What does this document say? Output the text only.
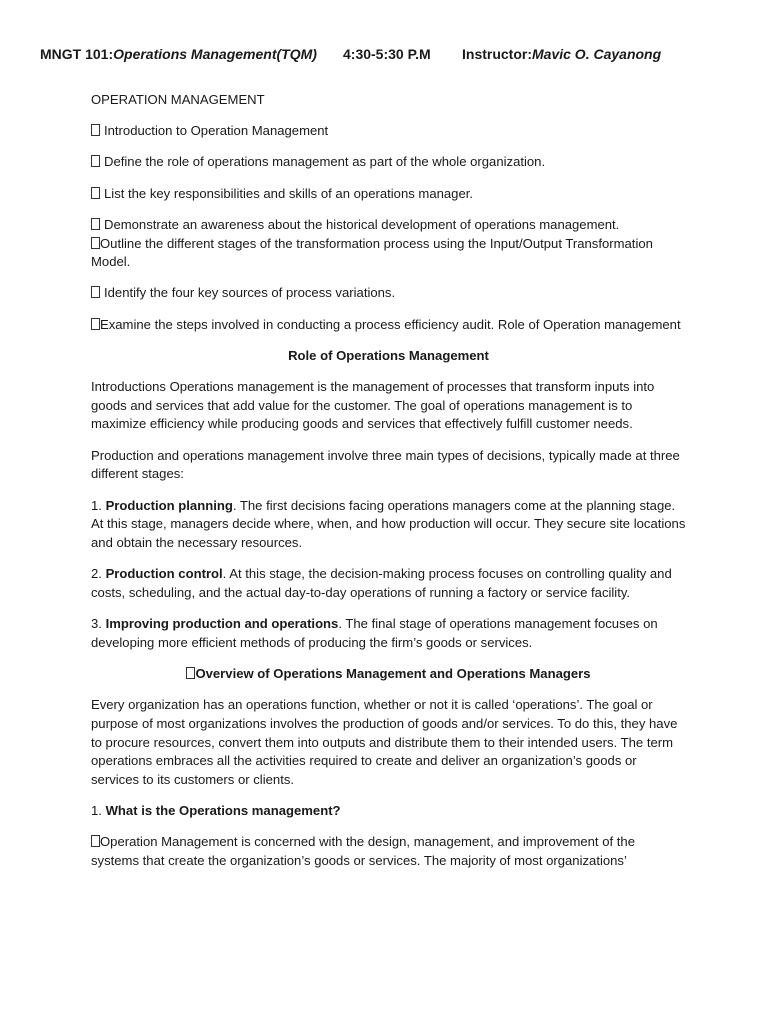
MNGT 101:Operations Management(TQM) 4:30-5:30 P.M Instructor:Mavic O. Cayanong

OPERATION MANAGEMENT

Introduction to Operation Management

Define the role of operations management as part of the whole organization.

List the key responsibilities and skills of an operations manager.

Demonstrate an awareness about the historical development of operations management.

Outline the different stages of the transformation process using the Input/Output Transformation Model.

Identify the four key sources of process variations.

Examine the steps involved in conducting a process efficiency audit. Role of Operation management

Role of Operations Management

Introductions Operations management is the management of processes that transform inputs into goods and services that add value for the customer. The goal of operations management is to maximize efficiency while producing goods and services that effectively fulfill customer needs.

Production and operations management involve three main types of decisions, typically made at three different stages:

1. Production planning. The first decisions facing operations managers come at the planning stage. At this stage, managers decide where, when, and how production will occur. They secure site locations and obtain the necessary resources.

2. Production control. At this stage, the decision-making process focuses on controlling quality and costs, scheduling, and the actual day-to-day operations of running a factory or service facility.

3. Improving production and operations. The final stage of operations management focuses on developing more efficient methods of producing the firm’s goods or services.

Overview of Operations Management and Operations Managers

Every organization has an operations function, whether or not it is called ‘operations’. The goal or purpose of most organizations involves the production of goods and/or services. To do this, they have to procure resources, convert them into outputs and distribute them to their intended users. The term operations embraces all the activities required to create and deliver an organization’s goods or services to its customers or clients.

1. What is the Operations management?

Operation Management is concerned with the design, management, and improvement of the systems that create the organization’s goods or services. The majority of most organizations’
